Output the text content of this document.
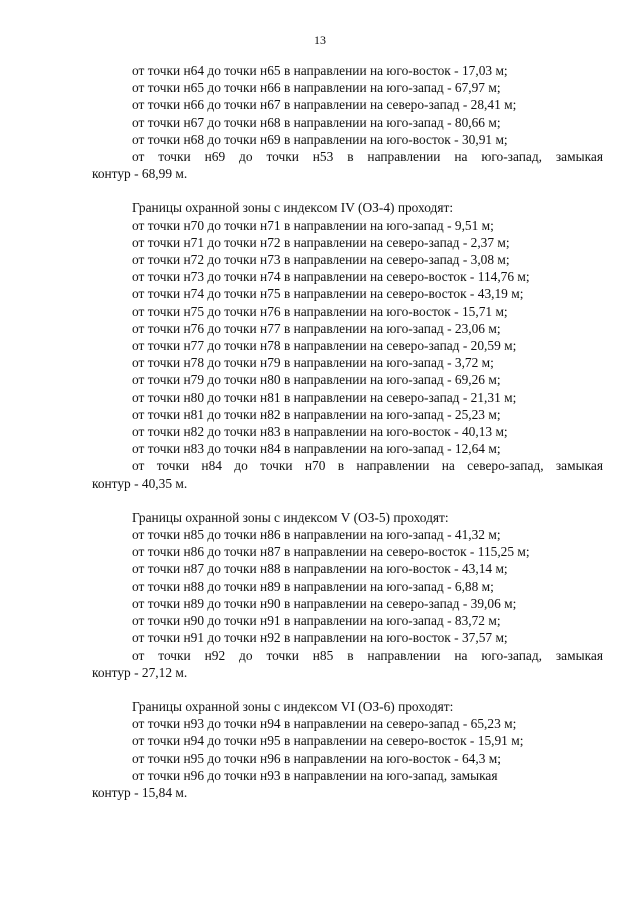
13

от точки н64 до точки н65 в направлении на юго-восток - 17,03 м;

от точки н65 до точки н66 в направлении на юго-запад - 67,97 м;

от точки н66 до точки н67 в направлении на северо-запад - 28,41 м;

от точки н67 до точки н68 в направлении на юго-запад - 80,66 м;

от точки н68 до точки н69 в направлении на юго-восток - 30,91 м;

от точки н69 до точки н53 в направлении на юго-запад, замыкая

контур - 68,99 м.

Границы охранной зоны с индексом IV (ОЗ-4) проходят:

от точки н70 до точки н71 в направлении на юго-запад - 9,51 м;

от точки н71 до точки н72 в направлении на северо-запад - 2,37 м;

от точки н72 до точки н73 в направлении на северо-запад - 3,08 м;

от точки н73 до точки н74 в направлении на северо-восток - 114,76 м;

от точки н74 до точки н75 в направлении на северо-восток - 43,19 м;

от точки н75 до точки н76 в направлении на юго-восток - 15,71 м;

от точки н76 до точки н77 в направлении на юго-запад - 23,06 м;

от точки н77 до точки н78 в направлении на северо-запад - 20,59 м;

от точки н78 до точки н79 в направлении на юго-запад - 3,72 м;

от точки н79 до точки н80 в направлении на юго-запад - 69,26 м;

от точки н80 до точки н81 в направлении на северо-запад - 21,31 м;

от точки н81 до точки н82 в направлении на юго-запад - 25,23 м;

от точки н82 до точки н83 в направлении на юго-восток - 40,13 м;

от точки н83 до точки н84 в направлении на юго-запад - 12,64 м;

от точки н84 до точки н70 в направлении на северо-запад, замыкая

контур - 40,35 м.

Границы охранной зоны с индексом V (ОЗ-5) проходят:

от точки н85 до точки н86 в направлении на юго-запад - 41,32 м;

от точки н86 до точки н87 в направлении на северо-восток - 115,25 м;

от точки н87 до точки н88 в направлении на юго-восток - 43,14 м;

от точки н88 до точки н89 в направлении на юго-запад - 6,88 м;

от точки н89 до точки н90 в направлении на северо-запад - 39,06 м;

от точки н90 до точки н91 в направлении на юго-запад - 83,72 м;

от точки н91 до точки н92 в направлении на юго-восток - 37,57 м;

от точки н92 до точки н85 в направлении на юго-запад, замыкая

контур - 27,12 м.

Границы охранной зоны с индексом VI (ОЗ-6) проходят:

от точки н93 до точки н94 в направлении на северо-запад - 65,23 м;

от точки н94 до точки н95 в направлении на северо-восток - 15,91 м;

от точки н95 до точки н96 в направлении на юго-восток - 64,3 м;

от точки н96 до точки н93 в направлении на юго-запад, замыкая

контур - 15,84 м.
